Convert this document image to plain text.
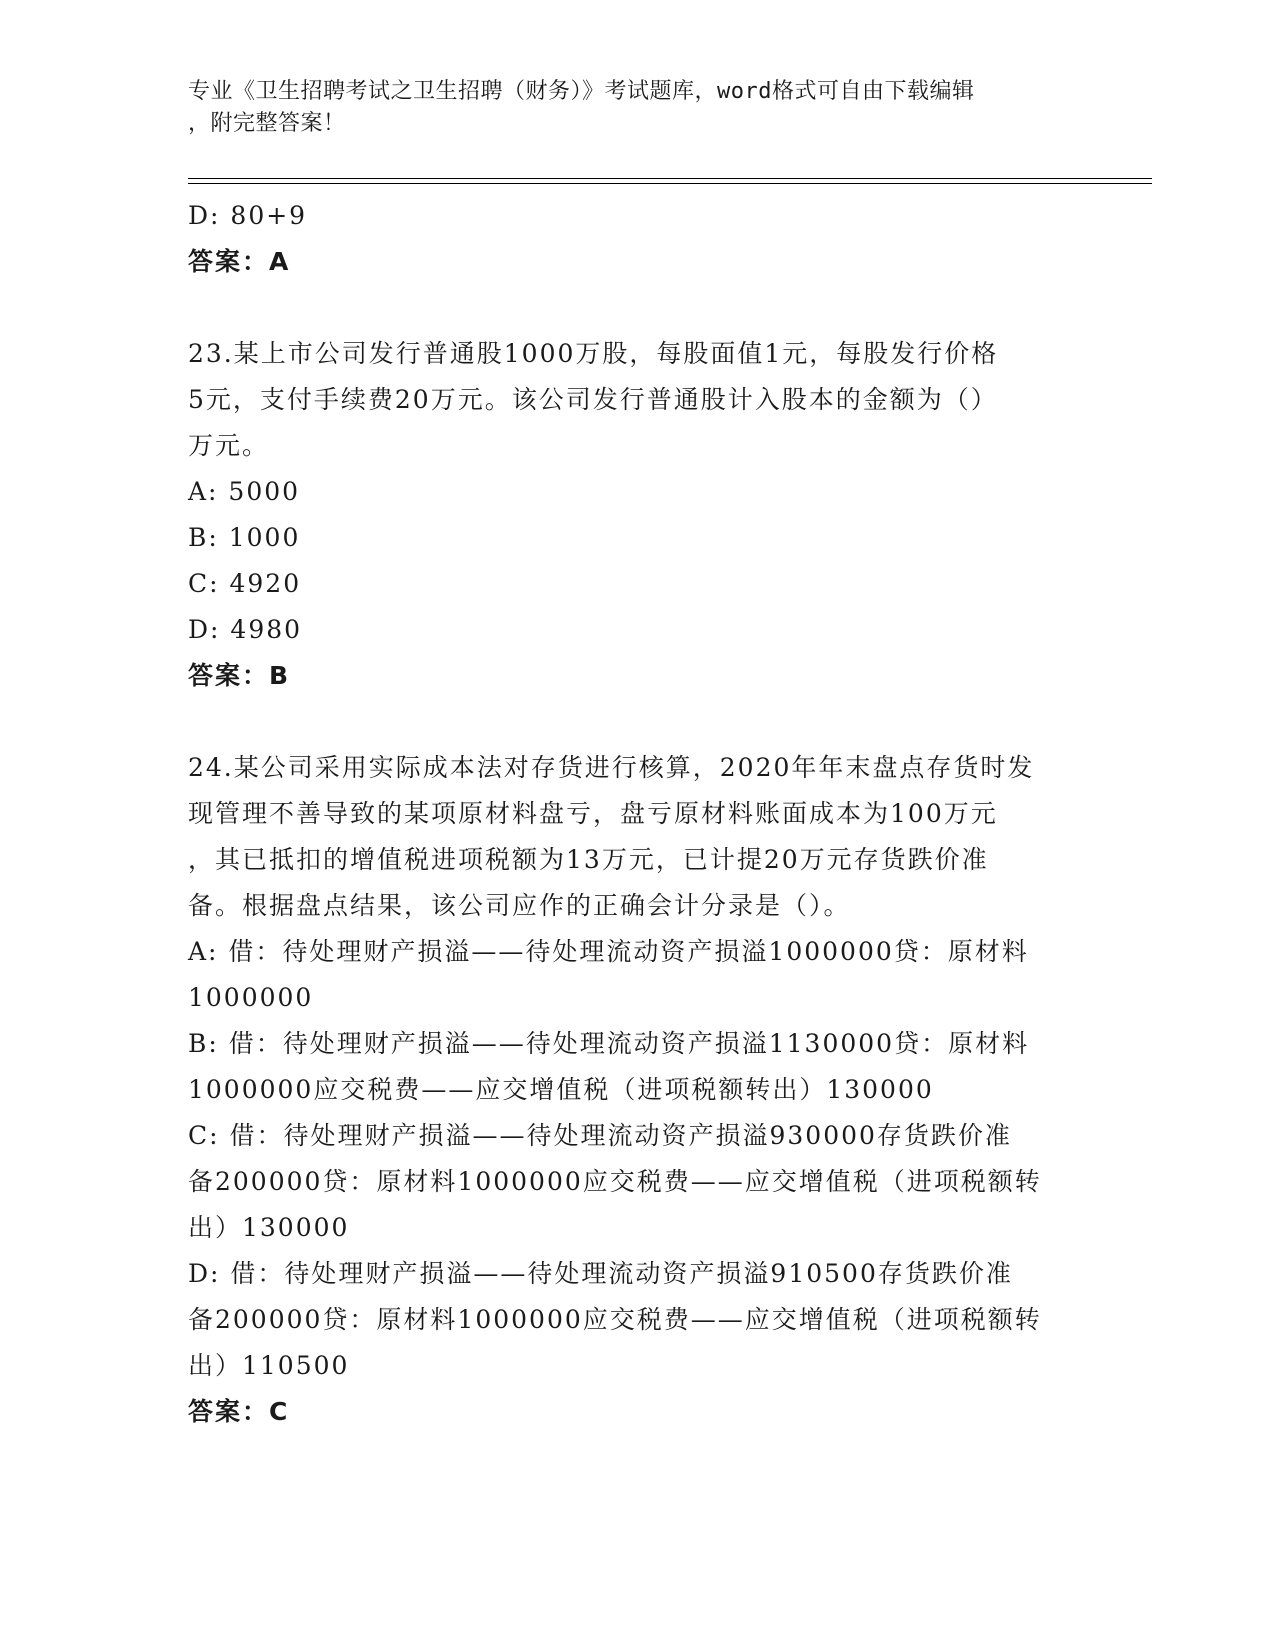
专业《卫生招聘考试之卫生招聘（财务）》考试题库，word格式可自由下载编辑
，附完整答案！
D: 80+9
答案：A
23.某上市公司发行普通股1000万股，每股面值1元，每股发行价格
5元，支付手续费20万元。该公司发行普通股计入股本的金额为（）
万元。
A: 5000
B: 1000
C: 4920
D: 4980
答案：B
24.某公司采用实际成本法对存货进行核算，2020年年末盘点存货时发
现管理不善导致的某项原材料盘亏，盘亏原材料账面成本为100万元
，其已抵扣的增值税进项税额为13万元，已计提20万元存货跌价准
备。根据盘点结果，该公司应作的正确会计分录是（）。
A: 借：待处理财产损溢——待处理流动资产损溢1000000贷：原材料
1000000
B: 借：待处理财产损溢——待处理流动资产损溢1130000贷：原材料
1000000应交税费——应交增值税（进项税额转出）130000
C: 借：待处理财产损溢——待处理流动资产损溢930000存货跌价准
备200000贷：原材料1000000应交税费——应交增值税（进项税额转
出）130000
D: 借：待处理财产损溢——待处理流动资产损溢910500存货跌价准
备200000贷：原材料1000000应交税费——应交增值税（进项税额转
出）110500
答案：C
